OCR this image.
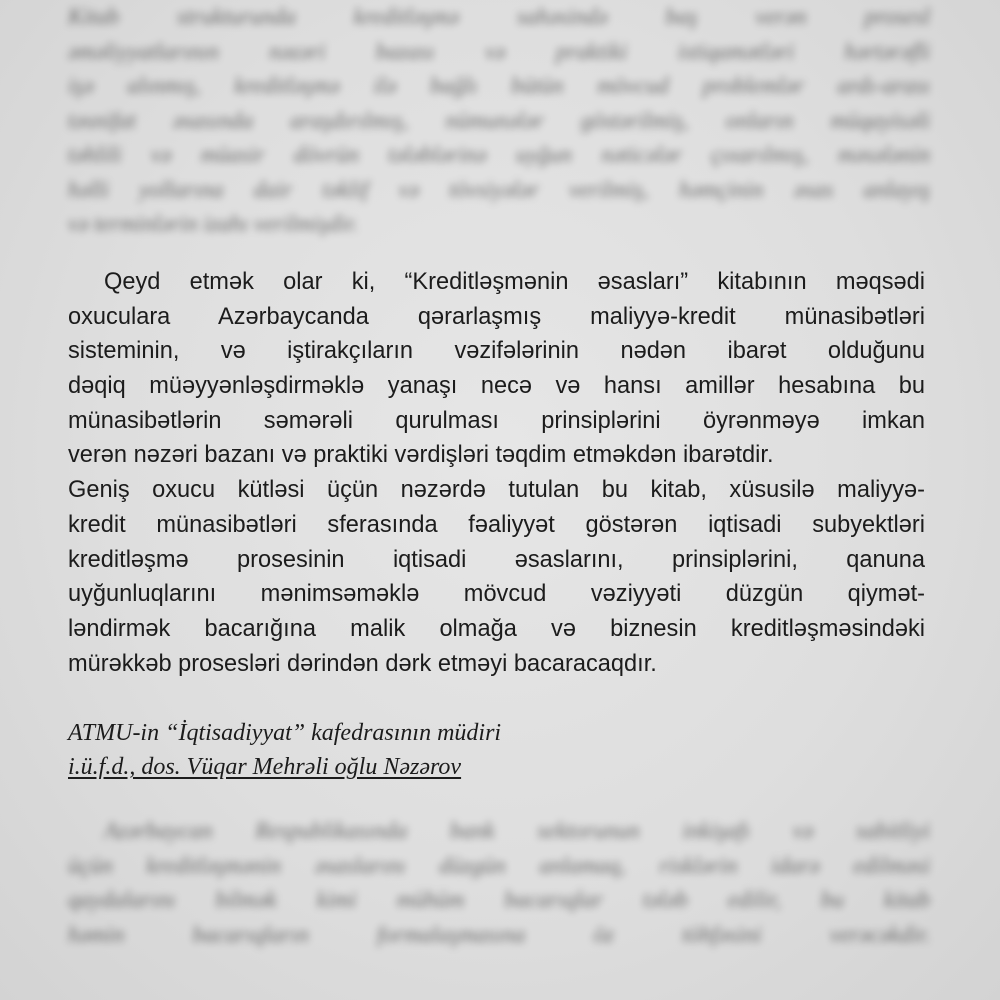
Kitab strukturunda kreditləşmə sahəsində baş verən prosesl
əməliyyatlarının nəzəri bazası və praktiki istiqamətləri hərtərəfli
işə alınmış, kreditləşmə ilə bağlı bütün mövcud problemlər ardı-arası
təsnifat əsasında araşdırılmış, nümunələr göstərilmiş, onların müqayisəli
təhlili və müasir dövrün tələblərinə uyğun nəticələr çıxarılmış, məsələnin
həlli yollarına dair təklif və tövsiyələr verilmiş, həmçinin əsas anlayış
və terminlərin izahı verilmişdir.
Qeyd etmək olar ki, “Kreditləşmənin əsasları” kitabının məqsədi
oxuculara Azərbaycanda qərarlaşmış maliyyə-kredit münasibətləri
sisteminin, və iştirakçıların vəzifələrinin nədən ibarət olduğunu
dəqiq müəyyənləşdirməklə yanaşı necə və hansı amillər hesabına bu
münasibətlərin səmərəli qurulması prinsiplərini öyrənməyə imkan
verən nəzəri bazanı və praktiki vərdişləri təqdim etməkdən ibarətdir.
Geniş oxucu kütləsi üçün nəzərdə tutulan bu kitab, xüsusilə maliyyə-
kredit münasibətləri sferasında fəaliyyət göstərən iqtisadi subyektləri
kreditləşmə prosesinin iqtisadi əsaslarını, prinsiplərini, qanuna
uyğunluqlarını mənimsəməklə mövcud vəziyyəti düzgün qiymət-
ləndirmək bacarığına malik olmağa və biznesin kreditləşməsindəki
mürəkkəb prosesləri dərindən dərk etməyi bacaracaqdır.
ATMU-in “İqtisadiyyat” kafedrasının müdiri
i.ü.f.d., dos. Vüqar Mehrəli oğlu Nəzərov
Azərbaycan Respublikasında bank sektorunun inkişafı və sabitliyi
üçün kreditləşmənin əsaslarını düzgün anlamaq, risklərin idarə edilməsi
qaydalarını bilmək kimi mühüm bacarıqlar tələb edilir, bu kitab
həmin bacarıqların formalaşmasına öz töhfəsini verəcəkdir.
